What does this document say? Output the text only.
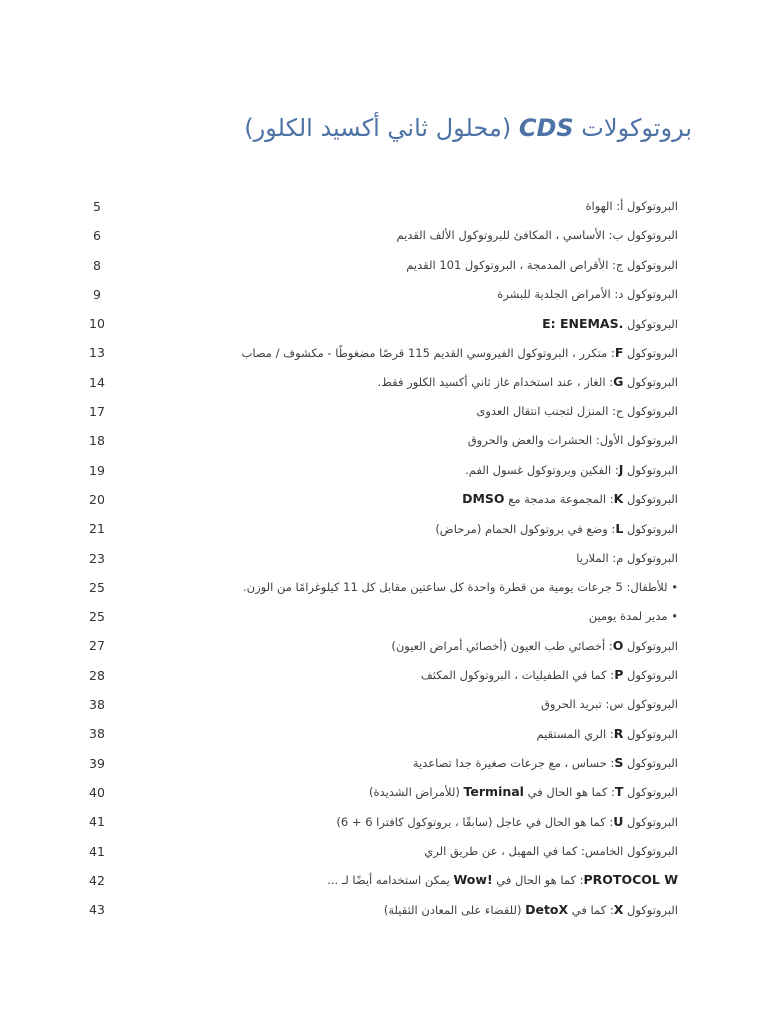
بروتوكولات CDS (محلول ثاني أكسيد الكلور)
البروتوكول أ: الهواة
5
البروتوكول ب: الأساسي ، المكافئ للبروتوكول الألف القديم
6
البروتوكول ج: الأقراص المدمجة ، البروتوكول 101 القديم
8
البروتوكول د: الأمراض الجلدية للبشرة
9
البروتوكول E: ENEMAS.
10
البروتوكول F: متكرر ، البروتوكول الفيروسي القديم 115 قرصًا مضغوطًا - مكشوف / مصاب
13
البروتوكول G: الغاز ، عند استخدام غاز ثاني أكسيد الكلور فقط.
14
البروتوكول ح: المنزل لتجنب انتقال العدوى
17
البروتوكول الأول: الحشرات والعض والحروق
18
البروتوكول J: الفكين وبروتوكول غسول الفم.
19
البروتوكول K: المجموعة مدمجة مع DMSO
20
البروتوكول L: وضع في بروتوكول الحمام (مرحاض)
21
البروتوكول م: الملاريا
23
• للأطفال: 5 جرعات يومية من قطرة واحدة كل ساعتين مقابل كل 11 كيلوغرامًا من الوزن.
25
• مدير لمدة يومين
25
البروتوكول O: أخصائي طب العيون (أخصائي أمراض العيون)
27
البروتوكول P: كما في الطفيليات ، البروتوكول المكثف
28
البروتوكول س: تبريد الحروق
38
البروتوكول R: الري المستقيم
38
البروتوكول S: حساس ، مع جرعات صغيرة جدا تصاعدية
39
البروتوكول T: كما هو الحال في Terminal (للأمراض الشديدة)
40
البروتوكول U: كما هو الحال في عاجل (سابقًا ، بروتوكول كافترا 6 + 6)
41
البروتوكول الخامس: كما في المهبل ، عن طريق الري
41
PROTOCOL W: كما هو الحال في Wow! يمكن استخدامه أيضًا لـ ...
42
البروتوكول X: كما في DetoX (للقضاء على المعادن الثقيلة)
43
